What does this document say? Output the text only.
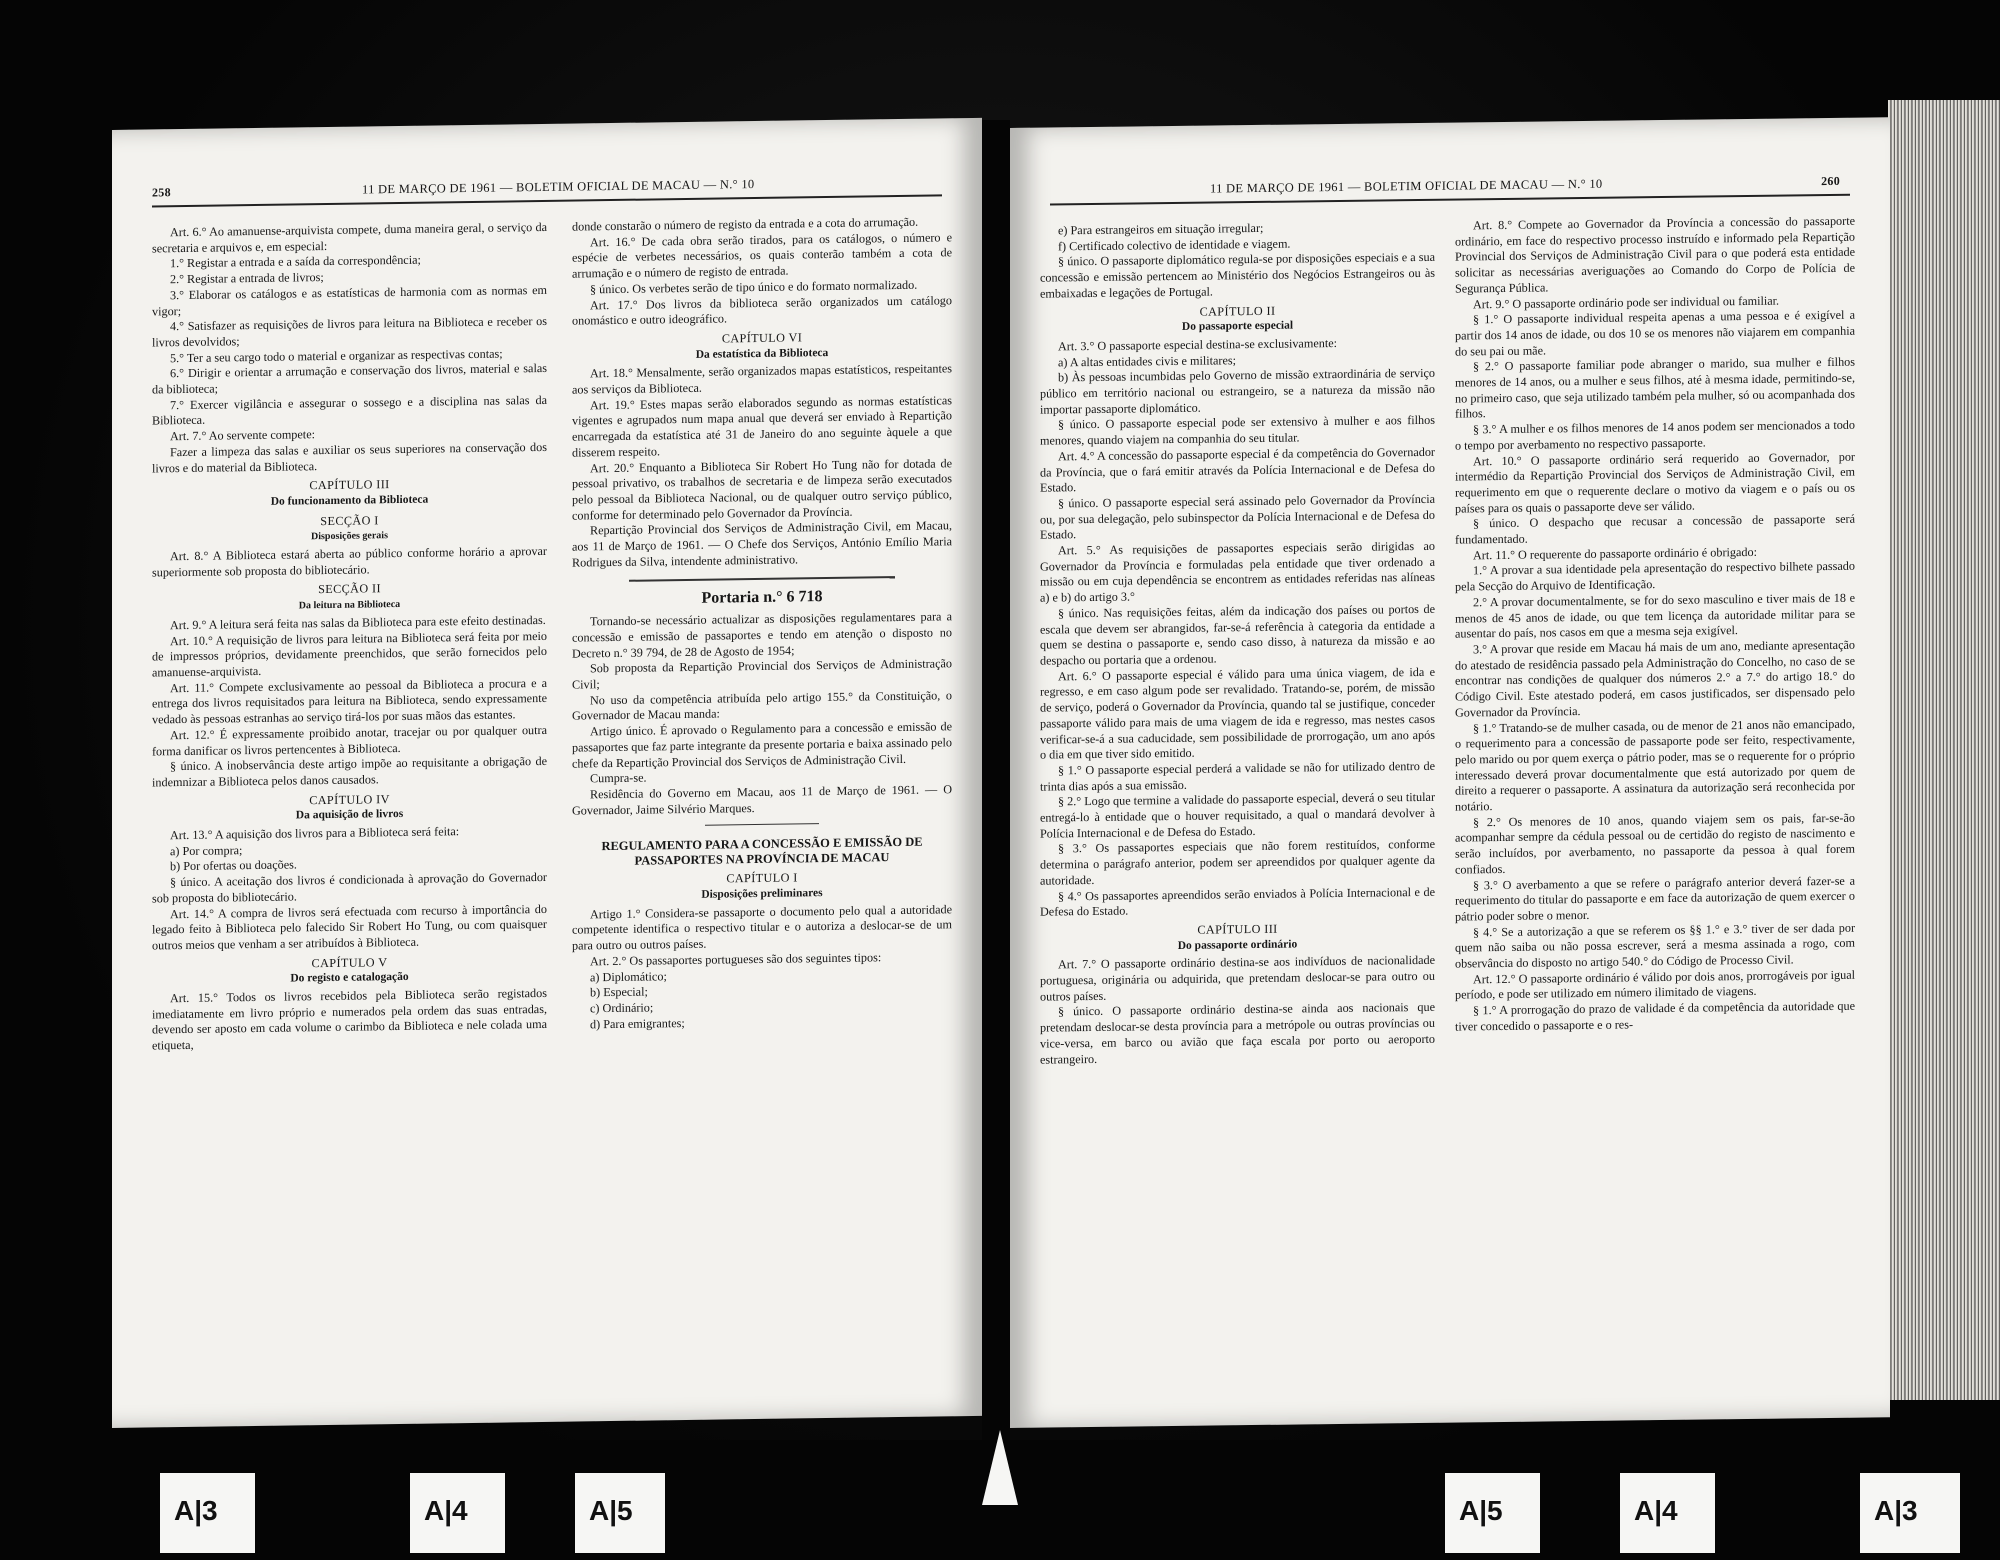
258	11 DE MARÇO DE 1961 — BOLETIM OFICIAL DE MACAU — N.° 10

Art. 6.° Ao amanuense-arquivista compete, duma maneira geral, o serviço da secretaria e arquivos e, em especial:

1.° Registar a entrada e a saída da correspondência;

2.° Registar a entrada de livros;

3.° Elaborar os catálogos e as estatísticas de harmonia com as normas em vigor;

4.° Satisfazer as requisições de livros para leitura na Biblioteca e receber os livros devolvidos;

5.° Ter a seu cargo todo o material e organizar as respectivas contas;

6.° Dirigir e orientar a arrumação e conservação dos livros, material e salas da biblioteca;

7.° Exercer vigilância e assegurar o sossego e a disciplina nas salas da Biblioteca.

Art. 7.° Ao servente compete:

Fazer a limpeza das salas e auxiliar os seus superiores na conservação dos livros e do material da Biblioteca.

CAPÍTULO III

Do funcionamento da Biblioteca

SECÇÃO I

Disposições gerais

Art. 8.° A Biblioteca estará aberta ao público conforme horário a aprovar superiormente sob proposta do bibliotecário.

SECÇÃO II

Da leitura na Biblioteca

Art. 9.° A leitura será feita nas salas da Biblioteca para este efeito destinadas.

Art. 10.° A requisição de livros para leitura na Biblioteca será feita por meio de impressos próprios, devidamente preenchidos, que serão fornecidos pelo amanuense-arquivista.

Art. 11.° Compete exclusivamente ao pessoal da Biblioteca a procura e a entrega dos livros requisitados para leitura na Biblioteca, sendo expressamente vedado às pessoas estranhas ao serviço tirá-los por suas mãos das estantes.

Art. 12.° É expressamente proibido anotar, tracejar ou por qualquer outra forma danificar os livros pertencentes à Biblioteca.

§ único. A inobservância deste artigo impõe ao requisitante a obrigação de indemnizar a Biblioteca pelos danos causados.

CAPÍTULO IV

Da aquisição de livros

Art. 13.° A aquisição dos livros para a Biblioteca será feita:

a) Por compra;

b) Por ofertas ou doações.

§ único. A aceitação dos livros é condicionada à aprovação do Governador sob proposta do bibliotecário.

Art. 14.° A compra de livros será efectuada com recurso à importância do legado feito à Biblioteca pelo falecido Sir Robert Ho Tung, ou com quaisquer outros meios que venham a ser atribuídos à Biblioteca.

CAPÍTULO V

Do registo e catalogação

Art. 15.° Todos os livros recebidos pela Biblioteca serão registados imediatamente em livro próprio e numerados pela ordem das suas entradas, devendo ser aposto em cada volume o carimbo da Biblioteca e nele colada uma etiqueta,

donde constarão o número de registo da entrada e a cota do arrumação.

Art. 16.° De cada obra serão tirados, para os catálogos, o número e espécie de verbetes necessários, os quais conterão também a cota de arrumação e o número de registo de entrada.

§ único. Os verbetes serão de tipo único e do formato normalizado.

Art. 17.° Dos livros da biblioteca serão organizados um catálogo onomástico e outro ideográfico.

CAPÍTULO VI

Da estatística da Biblioteca

Art. 18.° Mensalmente, serão organizados mapas estatísticos, respeitantes aos serviços da Biblioteca.

Art. 19.° Estes mapas serão elaborados segundo as normas estatísticas vigentes e agrupados num mapa anual que deverá ser enviado à Repartição encarregada da estatística até 31 de Janeiro do ano seguinte àquele a que disserem respeito.

Art. 20.° Enquanto a Biblioteca Sir Robert Ho Tung não for dotada de pessoal privativo, os trabalhos de secretaria e de limpeza serão executados pelo pessoal da Biblioteca Nacional, ou de qualquer outro serviço público, conforme for determinado pelo Governador da Província.

Repartição Provincial dos Serviços de Administração Civil, em Macau, aos 11 de Março de 1961. — O Chefe dos Serviços, António Emílio Maria Rodrigues da Silva, intendente administrativo.

Portaria n.° 6 718

Tornando-se necessário actualizar as disposições regulamentares para a concessão e emissão de passaportes e tendo em atenção o disposto no Decreto n.° 39 794, de 28 de Agosto de 1954;

Sob proposta da Repartição Provincial dos Serviços de Administração Civil;

No uso da competência atribuída pelo artigo 155.° da Constituição, o Governador de Macau manda:

Artigo único. É aprovado o Regulamento para a concessão e emissão de passaportes que faz parte integrante da presente portaria e baixa assinado pelo chefe da Repartição Provincial dos Serviços de Administração Civil.

Cumpra-se.

Residência do Governo em Macau, aos 11 de Março de 1961. — O Governador, Jaime Silvério Marques.

REGULAMENTO PARA A CONCESSÃO E EMISSÃO DE PASSAPORTES NA PROVÍNCIA DE MACAU

CAPÍTULO I

Disposições preliminares

Artigo 1.° Considera-se passaporte o documento pelo qual a autoridade competente identifica o respectivo titular e o autoriza a deslocar-se de um para outro ou outros países.

Art. 2.° Os passaportes portugueses são dos seguintes tipos:

a) Diplomático;

b) Especial;

c) Ordinário;

d) Para emigrantes;

11 DE MARÇO DE 1961 — BOLETIM OFICIAL DE MACAU — N.° 10	260

e) Para estrangeiros em situação irregular;

f) Certificado colectivo de identidade e viagem.

§ único. O passaporte diplomático regula-se por disposições especiais e a sua concessão e emissão pertencem ao Ministério dos Negócios Estrangeiros ou às embaixadas e legações de Portugal.

CAPÍTULO II

Do passaporte especial

Art. 3.° O passaporte especial destina-se exclusivamente:

a) A altas entidades civis e militares;

b) Às pessoas incumbidas pelo Governo de missão extraordinária de serviço público em território nacional ou estrangeiro, se a natureza da missão não importar passaporte diplomático.

§ único. O passaporte especial pode ser extensivo à mulher e aos filhos menores, quando viajem na companhia do seu titular.

Art. 4.° A concessão do passaporte especial é da competência do Governador da Província, que o fará emitir através da Polícia Internacional e de Defesa do Estado.

§ único. O passaporte especial será assinado pelo Governador da Província ou, por sua delegação, pelo subinspector da Polícia Internacional e de Defesa do Estado.

Art. 5.° As requisições de passaportes especiais serão dirigidas ao Governador da Província e formuladas pela entidade que tiver ordenado a missão ou em cuja dependência se encontrem as entidades referidas nas alíneas a) e b) do artigo 3.°

§ único. Nas requisições feitas, além da indicação dos países ou portos de escala que devem ser abrangidos, far-se-á referência à categoria da entidade a quem se destina o passaporte e, sendo caso disso, à natureza da missão e ao despacho ou portaria que a ordenou.

Art. 6.° O passaporte especial é válido para uma única viagem, de ida e regresso, e em caso algum pode ser revalidado. Tratando-se, porém, de missão de serviço, poderá o Governador da Província, quando tal se justifique, conceder passaporte válido para mais de uma viagem de ida e regresso, mas nestes casos verificar-se-á a sua caducidade, sem possibilidade de prorrogação, um ano após o dia em que tiver sido emitido.

§ 1.° O passaporte especial perderá a validade se não for utilizado dentro de trinta dias após a sua emissão.

§ 2.° Logo que termine a validade do passaporte especial, deverá o seu titular entregá-lo à entidade que o houver requisitado, a qual o mandará devolver à Polícia Internacional e de Defesa do Estado.

§ 3.° Os passaportes especiais que não forem restituídos, conforme determina o parágrafo anterior, podem ser apreendidos por qualquer agente da autoridade.

§ 4.° Os passaportes apreendidos serão enviados à Polícia Internacional e de Defesa do Estado.

CAPÍTULO III

Do passaporte ordinário

Art. 7.° O passaporte ordinário destina-se aos indivíduos de nacionalidade portuguesa, originária ou adquirida, que pretendam deslocar-se para outro ou outros países.

§ único. O passaporte ordinário destina-se ainda aos nacionais que pretendam deslocar-se desta província para a metrópole ou outras províncias ou vice-versa, em barco ou avião que faça escala por porto ou aeroporto estrangeiro.

Art. 8.° Compete ao Governador da Província a concessão do passaporte ordinário, em face do respectivo processo instruído e informado pela Repartição Provincial dos Serviços de Administração Civil para o que poderá esta entidade solicitar as necessárias averiguações ao Comando do Corpo de Polícia de Segurança Pública.

Art. 9.° O passaporte ordinário pode ser individual ou familiar.

§ 1.° O passaporte individual respeita apenas a uma pessoa e é exigível a partir dos 14 anos de idade, ou dos 10 se os menores não viajarem em companhia do seu pai ou mãe.

§ 2.° O passaporte familiar pode abranger o marido, sua mulher e filhos menores de 14 anos, ou a mulher e seus filhos, até à mesma idade, permitindo-se, no primeiro caso, que seja utilizado também pela mulher, só ou acompanhada dos filhos.

§ 3.° A mulher e os filhos menores de 14 anos podem ser mencionados a todo o tempo por averbamento no respectivo passaporte.

Art. 10.° O passaporte ordinário será requerido ao Governador, por intermédio da Repartição Provincial dos Serviços de Administração Civil, em requerimento em que o requerente declare o motivo da viagem e o país ou os países para os quais o passaporte deve ser válido.

§ único. O despacho que recusar a concessão de passaporte será fundamentado.

Art. 11.° O requerente do passaporte ordinário é obrigado:

1.° A provar a sua identidade pela apresentação do respectivo bilhete passado pela Secção do Arquivo de Identificação.

2.° A provar documentalmente, se for do sexo masculino e tiver mais de 18 e menos de 45 anos de idade, ou que tem licença da autoridade militar para se ausentar do país, nos casos em que a mesma seja exigível.

3.° A provar que reside em Macau há mais de um ano, mediante apresentação do atestado de residência passado pela Administração do Concelho, no caso de se encontrar nas condições de qualquer dos números 2.° a 7.° do artigo 18.° do Código Civil. Este atestado poderá, em casos justificados, ser dispensado pelo Governador da Província.

§ 1.° Tratando-se de mulher casada, ou de menor de 21 anos não emancipado, o requerimento para a concessão de passaporte pode ser feito, respectivamente, pelo marido ou por quem exerça o pátrio poder, mas se o requerente for o próprio interessado deverá provar documentalmente que está autorizado por quem de direito a requerer o passaporte. A assinatura da autorização será reconhecida por notário.

§ 2.° Os menores de 10 anos, quando viajem sem os pais, far-se-ão acompanhar sempre da cédula pessoal ou de certidão do registo de nascimento e serão incluídos, por averbamento, no passaporte da pessoa à qual forem confiados.

§ 3.° O averbamento a que se refere o parágrafo anterior deverá fazer-se a requerimento do titular do passaporte e em face da autorização de quem exercer o pátrio poder sobre o menor.

§ 4.° Se a autorização a que se referem os §§ 1.° e 3.° tiver de ser dada por quem não saiba ou não possa escrever, será a mesma assinada a rogo, com observância do disposto no artigo 540.° do Código de Processo Civil.

Art. 12.° O passaporte ordinário é válido por dois anos, prorrogáveis por igual período, e pode ser utilizado em número ilimitado de viagens.

§ 1.° A prorrogação do prazo de validade é da competência da autoridade que tiver concedido o passaporte e o res-

A|3	A|4	A|5	A|5	A|4	A|3
